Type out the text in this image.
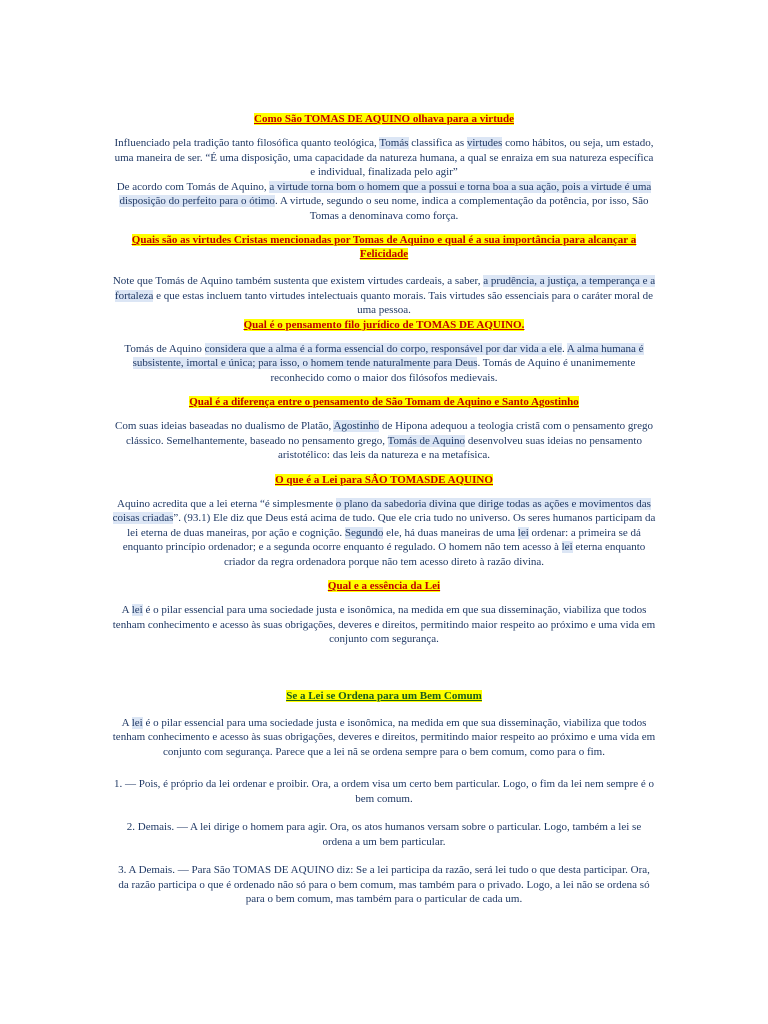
Como São TOMAS DE AQUINO olhava para a virtude

Influenciado pela tradição tanto filosófica quanto teológica, Tomás classifica as virtudes como hábitos, ou seja, um estado, uma maneira de ser. “É uma disposição, uma capacidade da natureza humana, a qual se enraiza em sua natureza específica e individual, finalizada pelo agir”

De acordo com Tomás de Aquino, a virtude torna bom o homem que a possui e torna boa a sua ação, pois a virtude é uma disposição do perfeito para o ótimo. A virtude, segundo o seu nome, indica a complementação da potência, por isso, São Tomas a denominava como força.

Quais são as virtudes Cristas mencionadas por Tomas de Aquino e qual é a sua importância para alcançar a Felicidade

Note que Tomás de Aquino também sustenta que existem virtudes cardeais, a saber, a prudência, a justiça, a temperança e a fortaleza e que estas incluem tanto virtudes intelectuais quanto morais. Tais virtudes são essenciais para o caráter moral de uma pessoa.

Qual é o pensamento filo jurídico de TOMAS DE AQUINO.

Tomás de Aquino considera que a alma é a forma essencial do corpo, responsável por dar vida a ele. A alma humana é subsistente, imortal e única; para isso, o homem tende naturalmente para Deus. Tomás de Aquino é unanimemente reconhecido como o maior dos filósofos medievais.

Qual é a diferença entre o pensamento de São Tomam de Aquino e Santo Agostinho

Com suas ideias baseadas no dualismo de Platão, Agostinho de Hipona adequou a teologia cristã com o pensamento grego clássico. Semelhantemente, baseado no pensamento grego, Tomás de Aquino desenvolveu suas ideias no pensamento aristotélico: das leis da natureza e na metafísica.

O que é a Lei para SÂO TOMASDE AQUINO

Aquino acredita que a lei eterna “é simplesmente o plano da sabedoria divina que dirige todas as ações e movimentos das coisas criadas”. (93.1) Ele diz que Deus está acima de tudo. Que ele cria tudo no universo. Os seres humanos participam da lei eterna de duas maneiras, por ação e cognição. Segundo ele, há duas maneiras de uma lei ordenar: a primeira se dá enquanto princípio ordenador; e a segunda ocorre enquanto é regulado. O homem não tem acesso à lei eterna enquanto criador da regra ordenadora porque não tem acesso direto à razão divina.

Qual e a essência da Lei

A lei é o pilar essencial para uma sociedade justa e isonômica, na medida em que sua disseminação, viabiliza que todos tenham conhecimento e acesso às suas obrigações, deveres e direitos, permitindo maior respeito ao próximo e uma vida em conjunto com segurança.

Se a Lei se Ordena para um Bem Comum

A lei é o pilar essencial para uma sociedade justa e isonômica, na medida em que sua disseminação, viabiliza que todos tenham conhecimento e acesso às suas obrigações, deveres e direitos, permitindo maior respeito ao próximo e uma vida em conjunto com segurança. Parece que a lei nã se ordena sempre para o bem comum, como para o fim.

1. — Pois, é próprio da lei ordenar e proibir. Ora, a ordem visa um certo bem particular. Logo, o fim da lei nem sempre é o bem comum.

2. Demais. — A lei dirige o homem para agir. Ora, os atos humanos versam sobre o particular. Logo, também a lei se ordena a um bem particular.

3. A Demais. — Para São TOMAS DE AQUINO diz: Se a lei participa da razão, será lei tudo o que desta participar. Ora, da razão participa o que é ordenado não só para o bem comum, mas também para o privado. Logo, a lei não se ordena só para o bem comum, mas também para o particular de cada um.
